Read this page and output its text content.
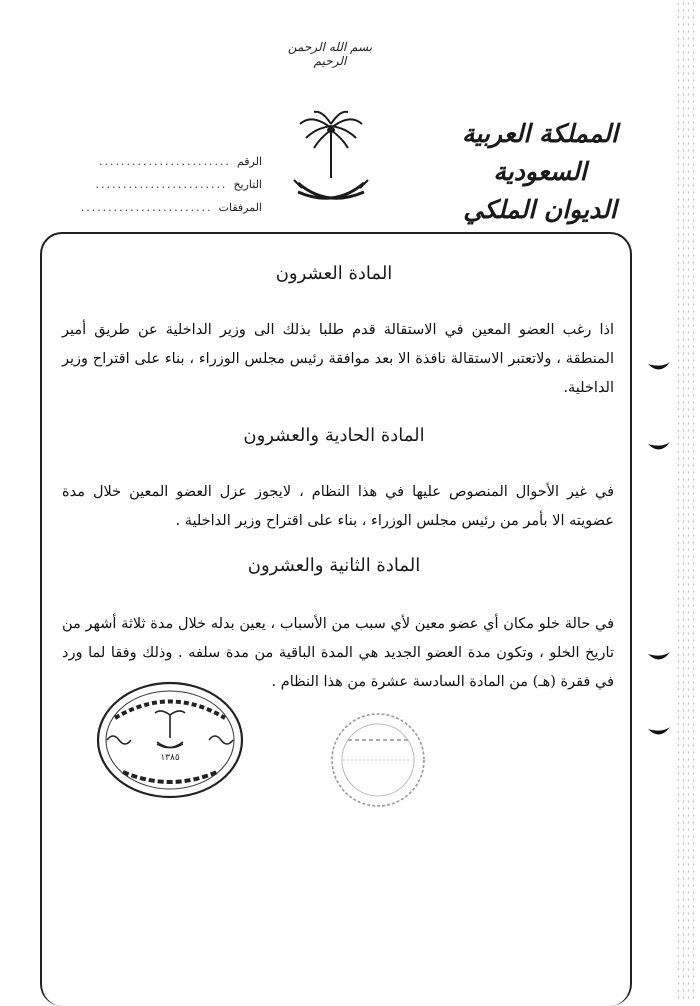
بسم الله الرحمن الرحيم
الرقم
........................
التاريخ
........................
المرفقات
........................
المملكة العربية السعودية
الديوان الملكي
المادة العشرون
اذا رغب العضو المعين في الاستقالة قدم طلبا بذلك الى وزير الداخلية عن طريق أمير المنطقة ، ولاتعتبر الاستقالة نافذة الا بعد موافقة رئيس مجلس الوزراء ، بناء على اقتراح وزير الداخلية.
المادة الحادية والعشرون
في غير الأحوال المنصوص عليها في هذا النظام ، لايجوز عزل العضو المعين خلال مدة عضويته الا بأمر من رئيس مجلس الوزراء ، بناء على اقتراح وزير الداخلية .
المادة الثانية والعشرون
في حالة خلو مكان أي عضو معين لأي سبب من الأسباب ، يعين بدله خلال مدة ثلاثة أشهر من تاريخ الخلو ، وتكون مدة العضو الجديد هي المدة الباقية من مدة سلفه . وذلك وفقا لما ورد في فقرة (هـ) من المادة السادسة عشرة من هذا النظام .
١٣٨٥
